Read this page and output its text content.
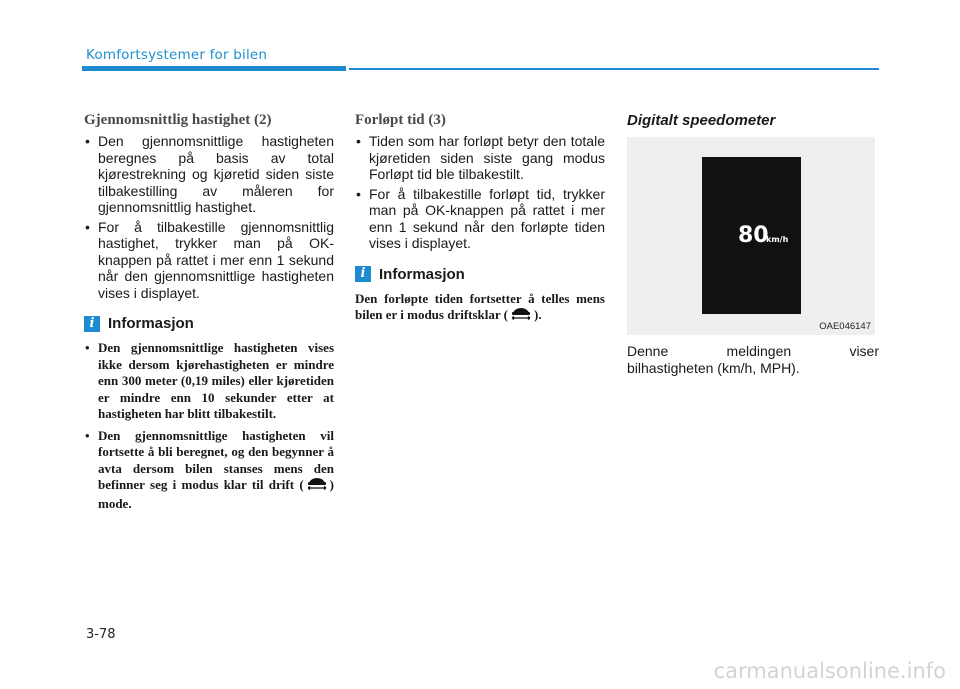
Komfortsystemer for bilen

Gjennomsnittlig hastighet (2)

• Den gjennomsnittlige hastigheten beregnes på basis av total kjørestrekning og kjøretid siden siste tilbakestilling av måleren for gjennomsnittlig hastighet.
• For å tilbakestille gjennomsnittlig hastighet, trykker man på OK-knappen på rattet i mer enn 1 sekund når den gjennomsnittlige hastigheten vises i displayet.
i Informasjon
• Den gjennomsnittlige hastigheten vises ikke dersom kjørehastigheten er mindre enn 300 meter (0,19 miles) eller kjøretiden er mindre enn 10 sekunder etter at hastigheten har blitt tilbakestilt.
• Den gjennomsnittlige hastigheten vil fortsette å bli beregnet, og den begynner å avta dersom bilen stanses mens den befinner seg i modus klar til drift ( ) mode.

Forløpt tid (3)

• Tiden som har forløpt betyr den totale kjøretiden siden siste gang modus Forløpt tid ble tilbakestilt.
• For å tilbakestille forløpt tid, trykker man på OK-knappen på rattet i mer enn 1 sekund når den forløpte tiden vises i displayet.
i Informasjon

Den forløpte tiden fortsetter å telles mens bilen er i modus driftsklar ( ).

Digitalt speedometer

80
km/h
OAE046147
Denne	meldingen	viser
bilhastigheten (km/h, MPH).
3-78
carmanualsonline.info
